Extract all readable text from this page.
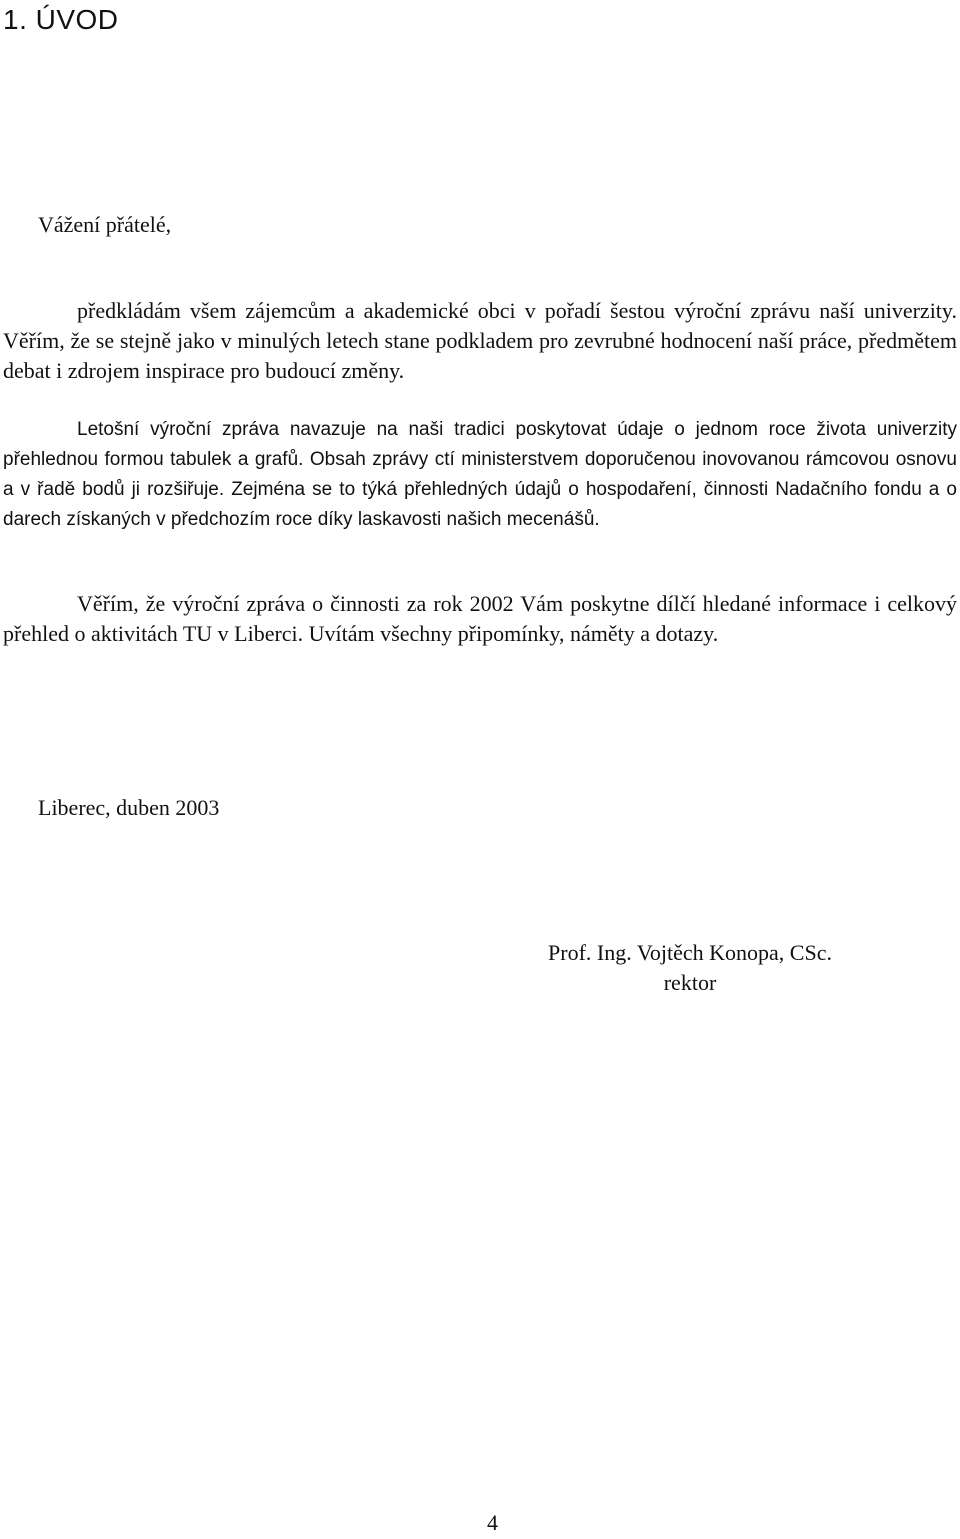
1. ÚVOD

Vážení přátelé,

předkládám všem zájemcům a akademické obci v pořadí šestou výroční zprávu naší univerzity. Věřím, že se stejně jako v minulých letech stane podkladem pro zevrubné hodnocení naší práce, předmětem debat i zdrojem inspirace pro budoucí změny.

Letošní výroční zpráva navazuje na naši tradici poskytovat údaje o jednom roce života univerzity přehlednou formou tabulek a grafů. Obsah zprávy ctí ministerstvem doporučenou inovovanou rámcovou osnovu a v řadě bodů ji rozšiřuje. Zejména se to týká přehledných údajů o hospodaření, činnosti Nadačního fondu a o darech získaných v předchozím roce díky laskavosti našich mecenášů.

Věřím, že výroční zpráva o činnosti za rok 2002 Vám poskytne dílčí hledané informace i celkový přehled o aktivitách TU v Liberci. Uvítám všechny připomínky, náměty a dotazy.

Liberec, duben 2003

Prof. Ing. Vojtěch Konopa, CSc.
rektor

4
